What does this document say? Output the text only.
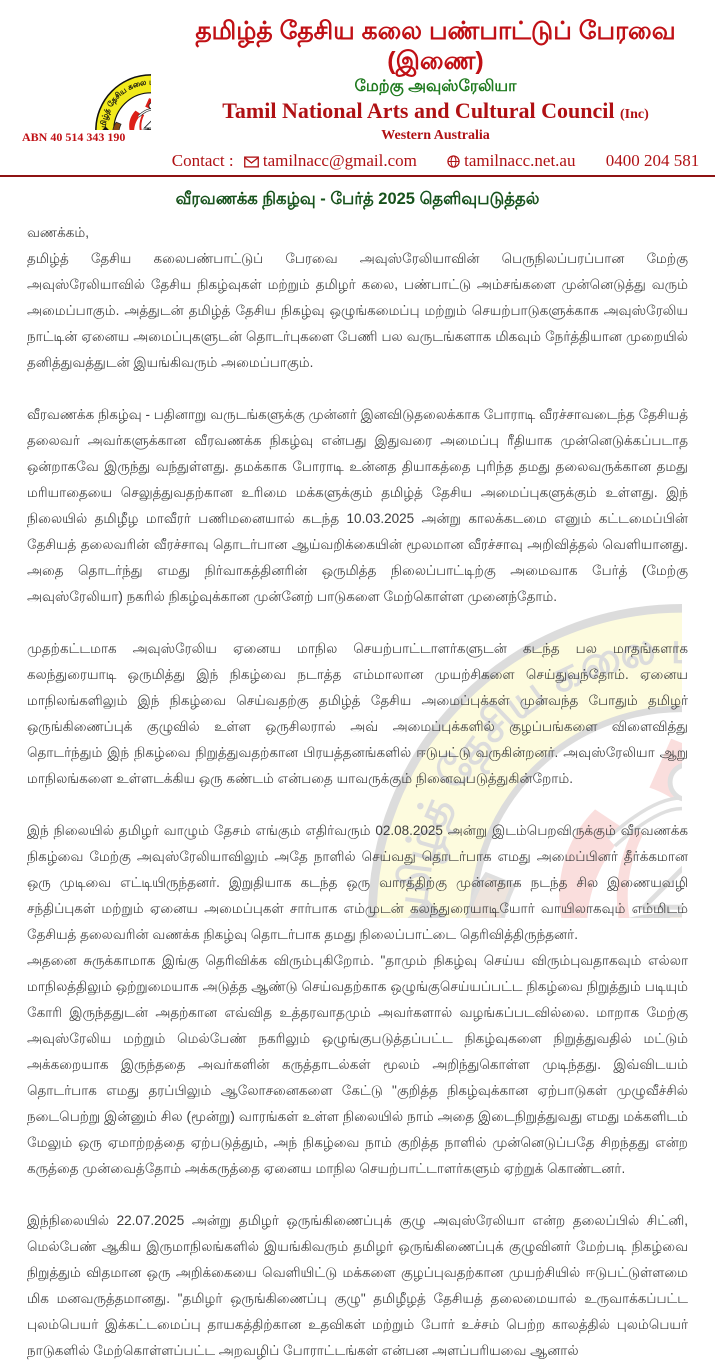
ABN 40 514 343 190
தமிழ்த் தேசிய கலை பண்பாட்டுப் பேரவை (இணை)
மேற்கு அவுஸ்ரேலியா
Tamil National Arts and Cultural Council (Inc)
Western Australia
Contact : tamilnacc@gmail.com	tamilnacc.net.au 0400 204 581
வீரவணக்க நிகழ்வு - பேர்த் 2025 தெளிவுபடுத்தல்

வணக்கம்,

தமிழ்த் தேசிய கலைபண்பாட்டுப் பேரவை அவுஸ்ரேலியாவின் பெருநிலப்பரப்பான மேற்கு அவுஸ்ரேலியாவில் தேசிய நிகழ்வுகள் மற்றும் தமிழர் கலை, பண்பாட்டு அம்சங்களை முன்னெடுத்து வரும் அமைப்பாகும். அத்துடன் தமிழ்த் தேசிய நிகழ்வு ஒழுங்கமைப்பு மற்றும் செயற்பாடுகளுக்காக அவுஸ்ரேலிய நாட்டின் ஏனைய அமைப்புகளுடன் தொடர்புகளை பேணி பல வருடங்களாக மிகவும் நேர்த்தியான முறையில் தனித்துவத்துடன் இயங்கிவரும் அமைப்பாகும்.

வீரவணக்க நிகழ்வு - பதினாறு வருடங்களுக்கு முன்னர் இனவிடுதலைக்காக போராடி வீரச்சாவடைந்த தேசியத் தலைவர் அவர்களுக்கான வீரவணக்க நிகழ்வு என்பது இதுவரை அமைப்பு ரீதியாக முன்னெடுக்கப்படாத ஒன்றாகவே இருந்து வந்துள்ளது. தமக்காக போராடி உன்னத தியாகத்தை புரிந்த தமது தலைவருக்கான தமது மரியாதையை செலுத்துவதற்கான உரிமை மக்களுக்கும் தமிழ்த் தேசிய அமைப்புகளுக்கும் உள்ளது. இந் நிலையில் தமிழீழ மாவீரர் பணிமனையால் கடந்த 10.03.2025 அன்று காலக்கடமை எனும் கட்டமைப்பின் தேசியத் தலைவரின் வீரச்சாவு தொடர்பான ஆய்வறிக்கையின் மூலமான வீரச்சாவு அறிவித்தல் வெளியானது. அதை தொடர்ந்து எமது நிர்வாகத்தினரின் ஒருமித்த நிலைப்பாட்டிற்கு அமைவாக பேர்த் (மேற்கு அவுஸ்ரேலியா) நகரில் நிகழ்வுக்கான முன்னேற் பாடுகளை மேற்கொள்ள முனைந்தோம்.

முதற்கட்டமாக அவுஸ்ரேலிய ஏனைய மாநில செயற்பாட்டாளர்களுடன் கடந்த பல மாதங்களாக கலந்துரையாடி ஒருமித்து இந் நிகழ்வை நடாத்த எம்மாலான முயற்சிகளை செய்துவந்தோம். ஏனைய மாநிலங்களிலும் இந் நிகழ்வை செய்வதற்கு தமிழ்த் தேசிய அமைப்புக்கள் முன்வந்த போதும் தமிழர் ஒருங்கிணைப்புக் குழுவில் உள்ள ஒருசிலரால் அவ் அமைப்புக்களில் குழப்பங்களை விளைவித்து தொடர்ந்தும் இந் நிகழ்வை நிறுத்துவதற்கான பிரயத்தனங்களில் ஈடுபட்டு வருகின்றனர். அவுஸ்ரேலியா ஆறு மாநிலங்களை உள்ளடக்கிய ஒரு கண்டம் என்பதை யாவருக்கும் நினைவுபடுத்துகின்றோம்.

இந் நிலையில் தமிழர் வாழும் தேசம் எங்கும் எதிர்வரும் 02.08.2025 அன்று இடம்பெறவிருக்கும் வீரவணக்க நிகழ்வை மேற்கு அவுஸ்ரேலியாவிலும் அதே நாளில் செய்வது தொடர்பாக எமது அமைப்பினர் தீர்க்கமான ஒரு முடிவை எட்டியிருந்தனர். இறுதியாக கடந்த ஒரு வாரத்திற்கு முன்னதாக நடந்த சில இணையவழி சந்திப்புகள் மற்றும் ஏனைய அமைப்புகள் சார்பாக எம்முடன் கலந்துரையாடியோர் வாயிலாகவும் எம்மிடம் தேசியத் தலைவரின் வணக்க நிகழ்வு தொடர்பாக தமது நிலைப்பாட்டை தெரிவித்திருந்தனர்.

அதனை சுருக்காமாக இங்கு தெரிவிக்க விரும்புகிறோம். "தாமும் நிகழ்வு செய்ய விரும்புவதாகவும் எல்லா மாநிலத்திலும் ஒற்றுமையாக அடுத்த ஆண்டு செய்வதற்காக ஒழுங்குசெய்யப்பட்ட நிகழ்வை நிறுத்தும் படியும் கோரி இருந்ததுடன் அதற்கான எவ்வித உத்தரவாதமும் அவர்களால் வழங்கப்படவில்லை. மாறாக மேற்கு அவுஸ்ரேலிய மற்றும் மெல்பேண் நகரிலும் ஒழுங்குபடுத்தப்பட்ட நிகழ்வுகளை நிறுத்துவதில் மட்டும் அக்கறையாக இருந்ததை அவர்களின் கருத்தாடல்கள் மூலம் அறிந்துகொள்ள முடிந்தது. இவ்விடயம் தொடர்பாக எமது தரப்பிலும் ஆலோசனைகளை கேட்டு "குறித்த நிகழ்வுக்கான ஏற்பாடுகள் முழுவீச்சில் நடைபெற்று இன்னும் சில (மூன்று) வாரங்கள் உள்ள நிலையில் நாம் அதை இடைநிறுத்துவது எமது மக்களிடம் மேலும் ஒரு ஏமாற்றத்தை ஏற்படுத்தும், அந் நிகழ்வை நாம் குறித்த நாளில் முன்னெடுப்பதே சிறந்தது என்ற கருத்தை முன்வைத்தோம் அக்கருத்தை ஏனைய மாநில செயற்பாட்டாளர்களும் ஏற்றுக் கொண்டனர்.

இந்நிலையில் 22.07.2025 அன்று தமிழர் ஒருங்கிணைப்புக் குழு அவுஸ்ரேலியா என்ற தலைப்பில் சிட்னி, மெல்பேண் ஆகிய இருமாநிலங்களில் இயங்கிவரும் தமிழர் ஒருங்கிணைப்புக் குழுவினர் மேற்படி நிகழ்வை நிறுத்தும் விதமான ஒரு அறிக்கையை வெளியிட்டு மக்களை குழப்புவதற்கான முயற்சியில் ஈடுபட்டுள்ளமை மிக மனவருத்தமானது. "தமிழர் ஒருங்கிணைப்பு குழு" தமிழீழத் தேசியத் தலைமையால் உருவாக்கப்பட்ட புலம்பெயர் இக்கட்டமைப்பு தாயகத்திற்கான உதவிகள் மற்றும் போர் உச்சம் பெற்ற காலத்தில் புலம்பெயர் நாடுகளில் மேற்கொள்ளப்பட்ட அறவழிப் போராட்டங்கள் என்பன அளப்பரியவை ஆனால்
